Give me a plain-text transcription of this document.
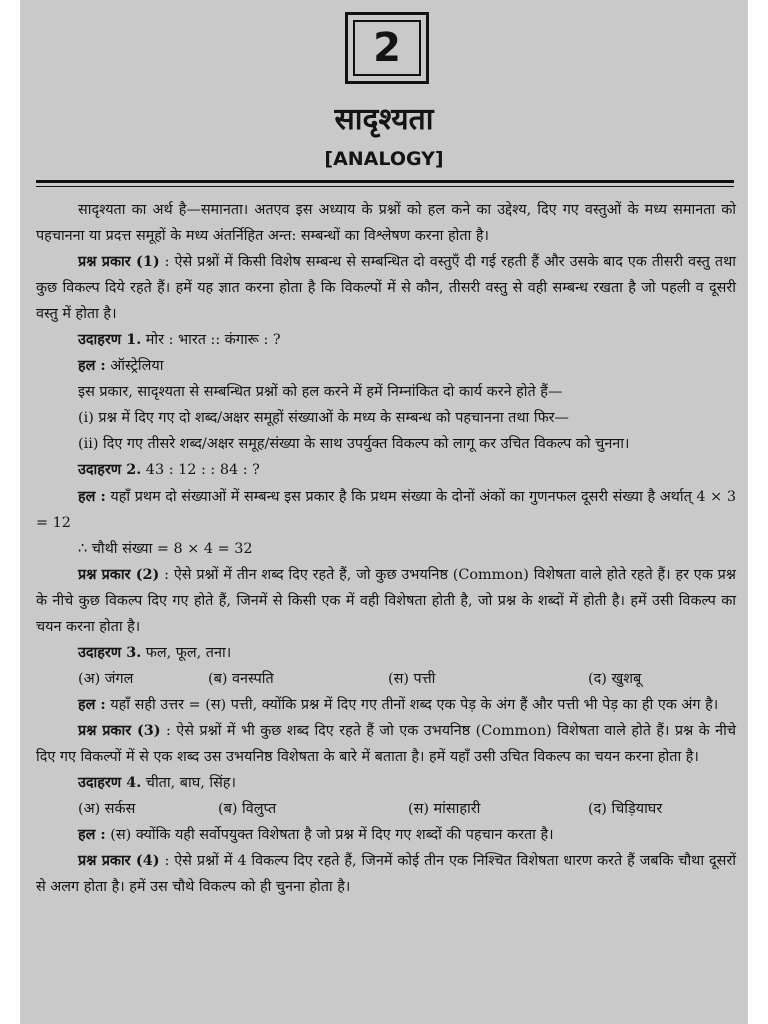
2
सादृश्यता
[ANALOGY]

सादृश्यता का अर्थ है—समानता। अतएव इस अध्याय के प्रश्नों को हल कने का उद्देश्य, दिए गए वस्तुओं के मध्य समानता को पहचानना या प्रदत्त समूहों के मध्य अंतर्निहित अन्त: सम्बन्धों का विश्लेषण करना होता है।

प्रश्न प्रकार (1) : ऐसे प्रश्नों में किसी विशेष सम्बन्ध से सम्बन्धित दो वस्तुएँ दी गई रहती हैं और उसके बाद एक तीसरी वस्तु तथा कुछ विकल्प दिये रहते हैं। हमें यह ज्ञात करना होता है कि विकल्पों में से कौन, तीसरी वस्तु से वही सम्बन्ध रखता है जो पहली व दूसरी वस्तु में होता है।

उदाहरण 1. मोर : भारत :: कंगारू : ?

हल : ऑस्ट्रेलिया

इस प्रकार, सादृश्यता से सम्बन्धित प्रश्नों को हल करने में हमें निम्नांकित दो कार्य करने होते हैं—

(i) प्रश्न में दिए गए दो शब्द/अक्षर समूहों संख्याओं के मध्य के सम्बन्ध को पहचानना तथा फिर—

(ii) दिए गए तीसरे शब्द/अक्षर समूह/संख्या के साथ उपर्युक्त विकल्प को लागू कर उचित विकल्प को चुनना।

उदाहरण 2. 43 : 12 : : 84 : ?

हल : यहाँ प्रथम दो संख्याओं में सम्बन्ध इस प्रकार है कि प्रथम संख्या के दोनों अंकों का गुणनफल दूसरी संख्या है अर्थात् 4 × 3 = 12

∴ चौथी संख्या = 8 × 4 = 32

प्रश्न प्रकार (2) : ऐसे प्रश्नों में तीन शब्द दिए रहते हैं, जो कुछ उभयनिष्ठ (Common) विशेषता वाले होते रहते हैं। हर एक प्रश्न के नीचे कुछ विकल्प दिए गए होते हैं, जिनमें से किसी एक में वही विशेषता होती है, जो प्रश्न के शब्दों में होती है। हमें उसी विकल्प का चयन करना होता है।

उदाहरण 3. फल, फूल, तना।

(अ) जंगल	(ब) वनस्पति	(स) पत्ती	(द) खुशबू

हल : यहाँ सही उत्तर = (स) पत्ती, क्योंकि प्रश्न में दिए गए तीनों शब्द एक पेड़ के अंग हैं और पत्ती भी पेड़ का ही एक अंग है।

प्रश्न प्रकार (3) : ऐसे प्रश्नों में भी कुछ शब्द दिए रहते हैं जो एक उभयनिष्ठ (Common) विशेषता वाले होते हैं। प्रश्न के नीचे दिए गए विकल्पों में से एक शब्द उस उभयनिष्ठ विशेषता के बारे में बताता है। हमें यहाँ उसी उचित विकल्प का चयन करना होता है।

उदाहरण 4. चीता, बाघ, सिंह।

(अ) सर्कस	(ब) विलुप्त	(स) मांसाहारी	(द) चिड़ियाघर

हल : (स) क्योंकि यही सर्वोपयुक्त विशेषता है जो प्रश्न में दिए गए शब्दों की पहचान करता है।

प्रश्न प्रकार (4) : ऐसे प्रश्नों में 4 विकल्प दिए रहते हैं, जिनमें कोई तीन एक निश्चित विशेषता धारण करते हैं जबकि चौथा दूसरों से अलग होता है। हमें उस चौथे विकल्प को ही चुनना होता है।
